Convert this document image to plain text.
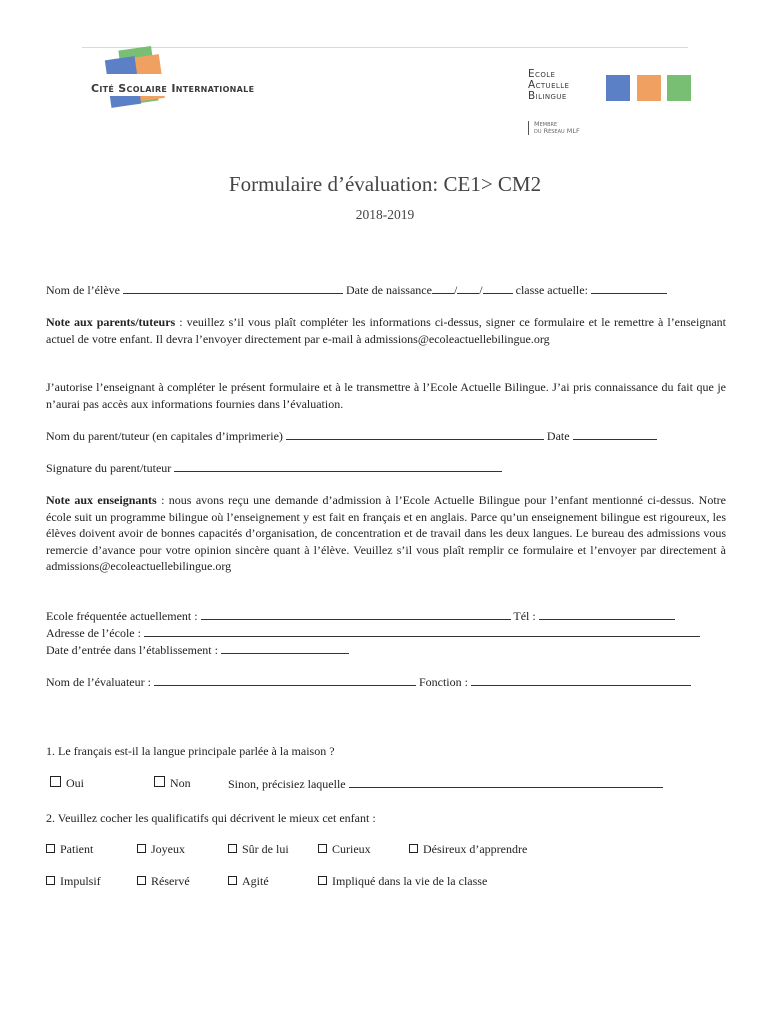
Cité Scolaire Internationale
Ecole
Actuelle
Bilingue
Membre
du Réseau MLF
Formulaire d’évaluation: CE1> CM2
2018-2019
Nom de l’élève	Date de naissance / /	classe actuelle:
Note aux parents/tuteurs : veuillez s’il vous plaît compléter les informations ci-dessus, signer ce formulaire et le remettre à l’enseignant actuel de votre enfant. Il devra l’envoyer directement par e-mail à admissions@ecoleactuellebilingue.org
J’autorise l’enseignant à compléter le présent formulaire et à le transmettre à l’Ecole Actuelle Bilingue. J’ai pris connaissance du fait que je n’aurai pas accès aux informations fournies dans l’évaluation.
Nom du parent/tuteur (en capitales d’imprimerie)	Date
Signature du parent/tuteur
Note aux enseignants : nous avons reçu une demande d’admission à l’Ecole Actuelle Bilingue pour l’enfant mentionné ci-dessus. Notre école suit un programme bilingue où l’enseignement y est fait en français et en anglais. Parce qu’un enseignement bilingue est rigoureux, les élèves doivent avoir de bonnes capacités d’organisation, de concentration et de travail dans les deux langues. Le bureau des admissions vous remercie d’avance pour votre opinion sincère quant à l’élève. Veuillez s’il vous plaît remplir ce formulaire et l’envoyer par directement à admissions@ecoleactuellebilingue.org
Ecole fréquentée actuellement :	Tél :
Adresse de l’école :
Date d’entrée dans l’établissement :
Nom de l’évaluateur :	Fonction :
1. Le français est-il la langue principale parlée à la maison ?
Oui	Non	Sinon, précisiez laquelle
2. Veuillez cocher les qualificatifs qui décrivent le mieux cet enfant :
Patient	Joyeux	Sûr de lui	Curieux	Désireux d’apprendre
Impulsif	Réservé	Agité	Impliqué dans la vie de la classe
